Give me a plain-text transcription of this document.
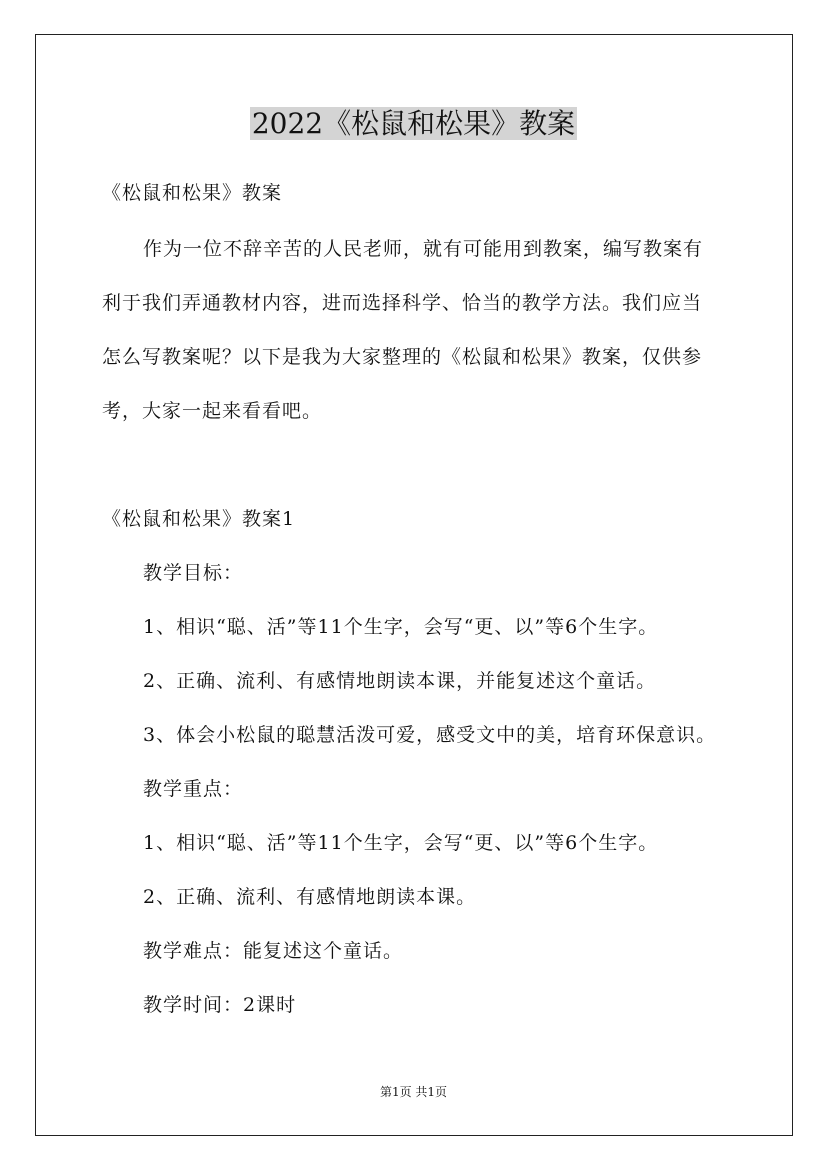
2022《松鼠和松果》教案
《松鼠和松果》教案
作为一位不辞辛苦的人民老师，就有可能用到教案，编写教案有
利于我们弄通教材内容，进而选择科学、恰当的教学方法。我们应当
怎么写教案呢？以下是我为大家整理的《松鼠和松果》教案，仅供参
考，大家一起来看看吧。
《松鼠和松果》教案1
教学目标：
1、相识“聪、活”等11个生字，会写“更、以”等6个生字。
2、正确、流利、有感情地朗读本课，并能复述这个童话。
3、体会小松鼠的聪慧活泼可爱，感受文中的美，培育环保意识。
教学重点：
1、相识“聪、活”等11个生字，会写“更、以”等6个生字。
2、正确、流利、有感情地朗读本课。
教学难点：能复述这个童话。
教学时间：2课时
第1页 共1页
